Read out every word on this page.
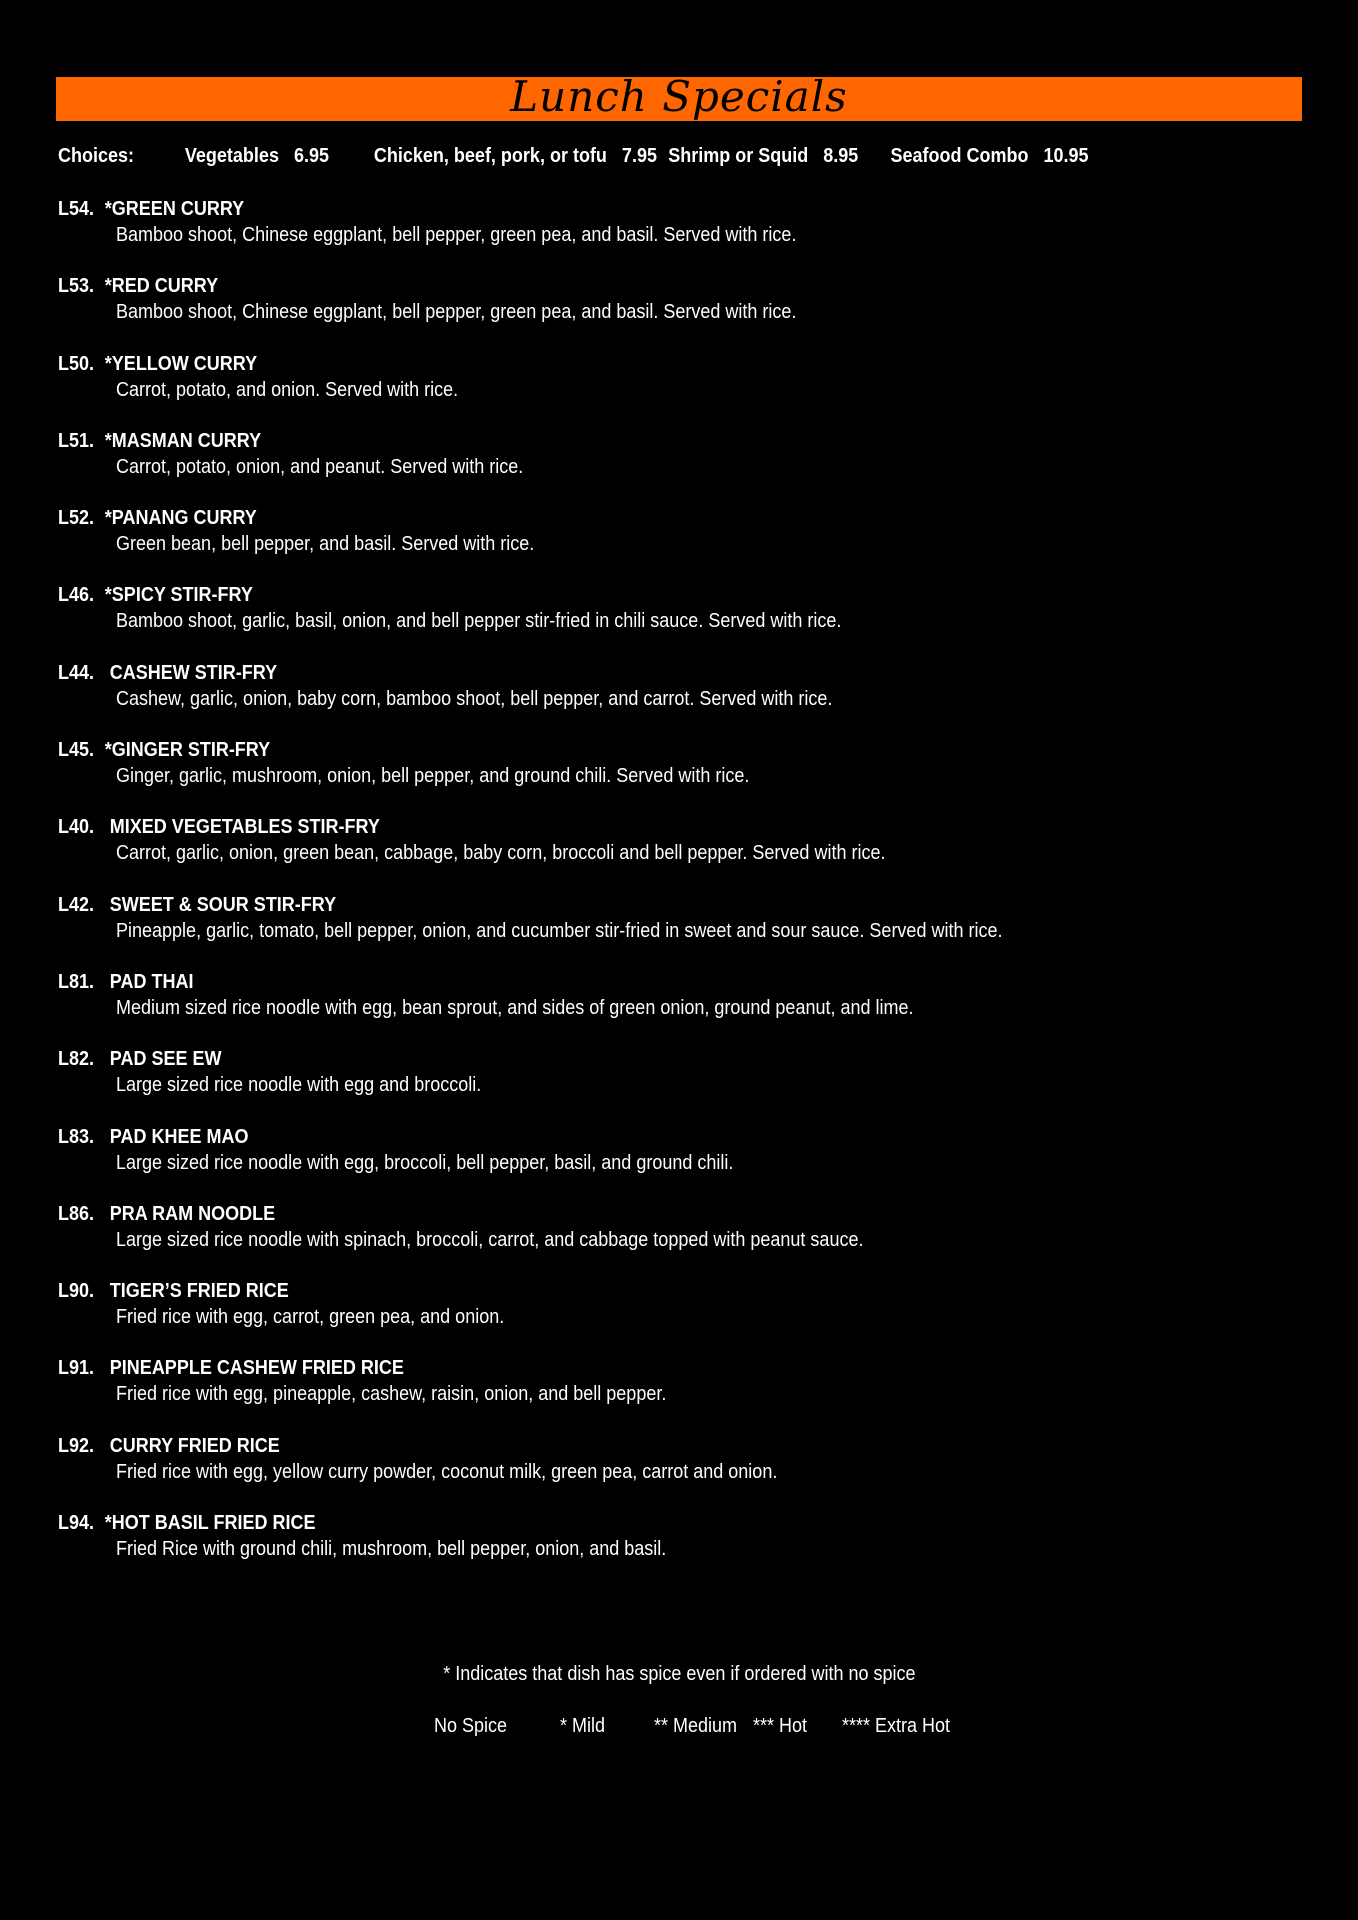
Lunch Specials
Choices:	Vegetables 6.95 Chicken, beef, pork, or tofu 7.95 Shrimp or Squid 8.95 Seafood Combo 10.95
L54. *GREEN CURRY
Bamboo shoot, Chinese eggplant, bell pepper, green pea, and basil. Served with rice.
L53. *RED CURRY
Bamboo shoot, Chinese eggplant, bell pepper, green pea, and basil. Served with rice.
L50. *YELLOW CURRY
Carrot, potato, and onion. Served with rice.
L51. *MASMAN CURRY
Carrot, potato, onion, and peanut. Served with rice.
L52. *PANANG CURRY
Green bean, bell pepper, and basil. Served with rice.
L46. *SPICY STIR-FRY
Bamboo shoot, garlic, basil, onion, and bell pepper stir-fried in chili sauce. Served with rice.
L44. CASHEW STIR-FRY
Cashew, garlic, onion, baby corn, bamboo shoot, bell pepper, and carrot. Served with rice.
L45. *GINGER STIR-FRY
Ginger, garlic, mushroom, onion, bell pepper, and ground chili. Served with rice.
L40. MIXED VEGETABLES STIR-FRY
Carrot, garlic, onion, green bean, cabbage, baby corn, broccoli and bell pepper. Served with rice.
L42. SWEET & SOUR STIR-FRY
Pineapple, garlic, tomato, bell pepper, onion, and cucumber stir-fried in sweet and sour sauce. Served with rice.
L81. PAD THAI
Medium sized rice noodle with egg, bean sprout, and sides of green onion, ground peanut, and lime.
L82. PAD SEE EW
Large sized rice noodle with egg and broccoli.
L83. PAD KHEE MAO
Large sized rice noodle with egg, broccoli, bell pepper, basil, and ground chili.
L86. PRA RAM NOODLE
Large sized rice noodle with spinach, broccoli, carrot, and cabbage topped with peanut sauce.
L90. TIGER’S FRIED RICE
Fried rice with egg, carrot, green pea, and onion.
L91. PINEAPPLE CASHEW FRIED RICE
Fried rice with egg, pineapple, cashew, raisin, onion, and bell pepper.
L92. CURRY FRIED RICE
Fried rice with egg, yellow curry powder, coconut milk, green pea, carrot and onion.
L94. *HOT BASIL FRIED RICE
Fried Rice with ground chili, mushroom, bell pepper, onion, and basil.
* Indicates that dish has spice even if ordered with no spice
No Spice	* Mild ** Medium *** Hot **** Extra Hot
